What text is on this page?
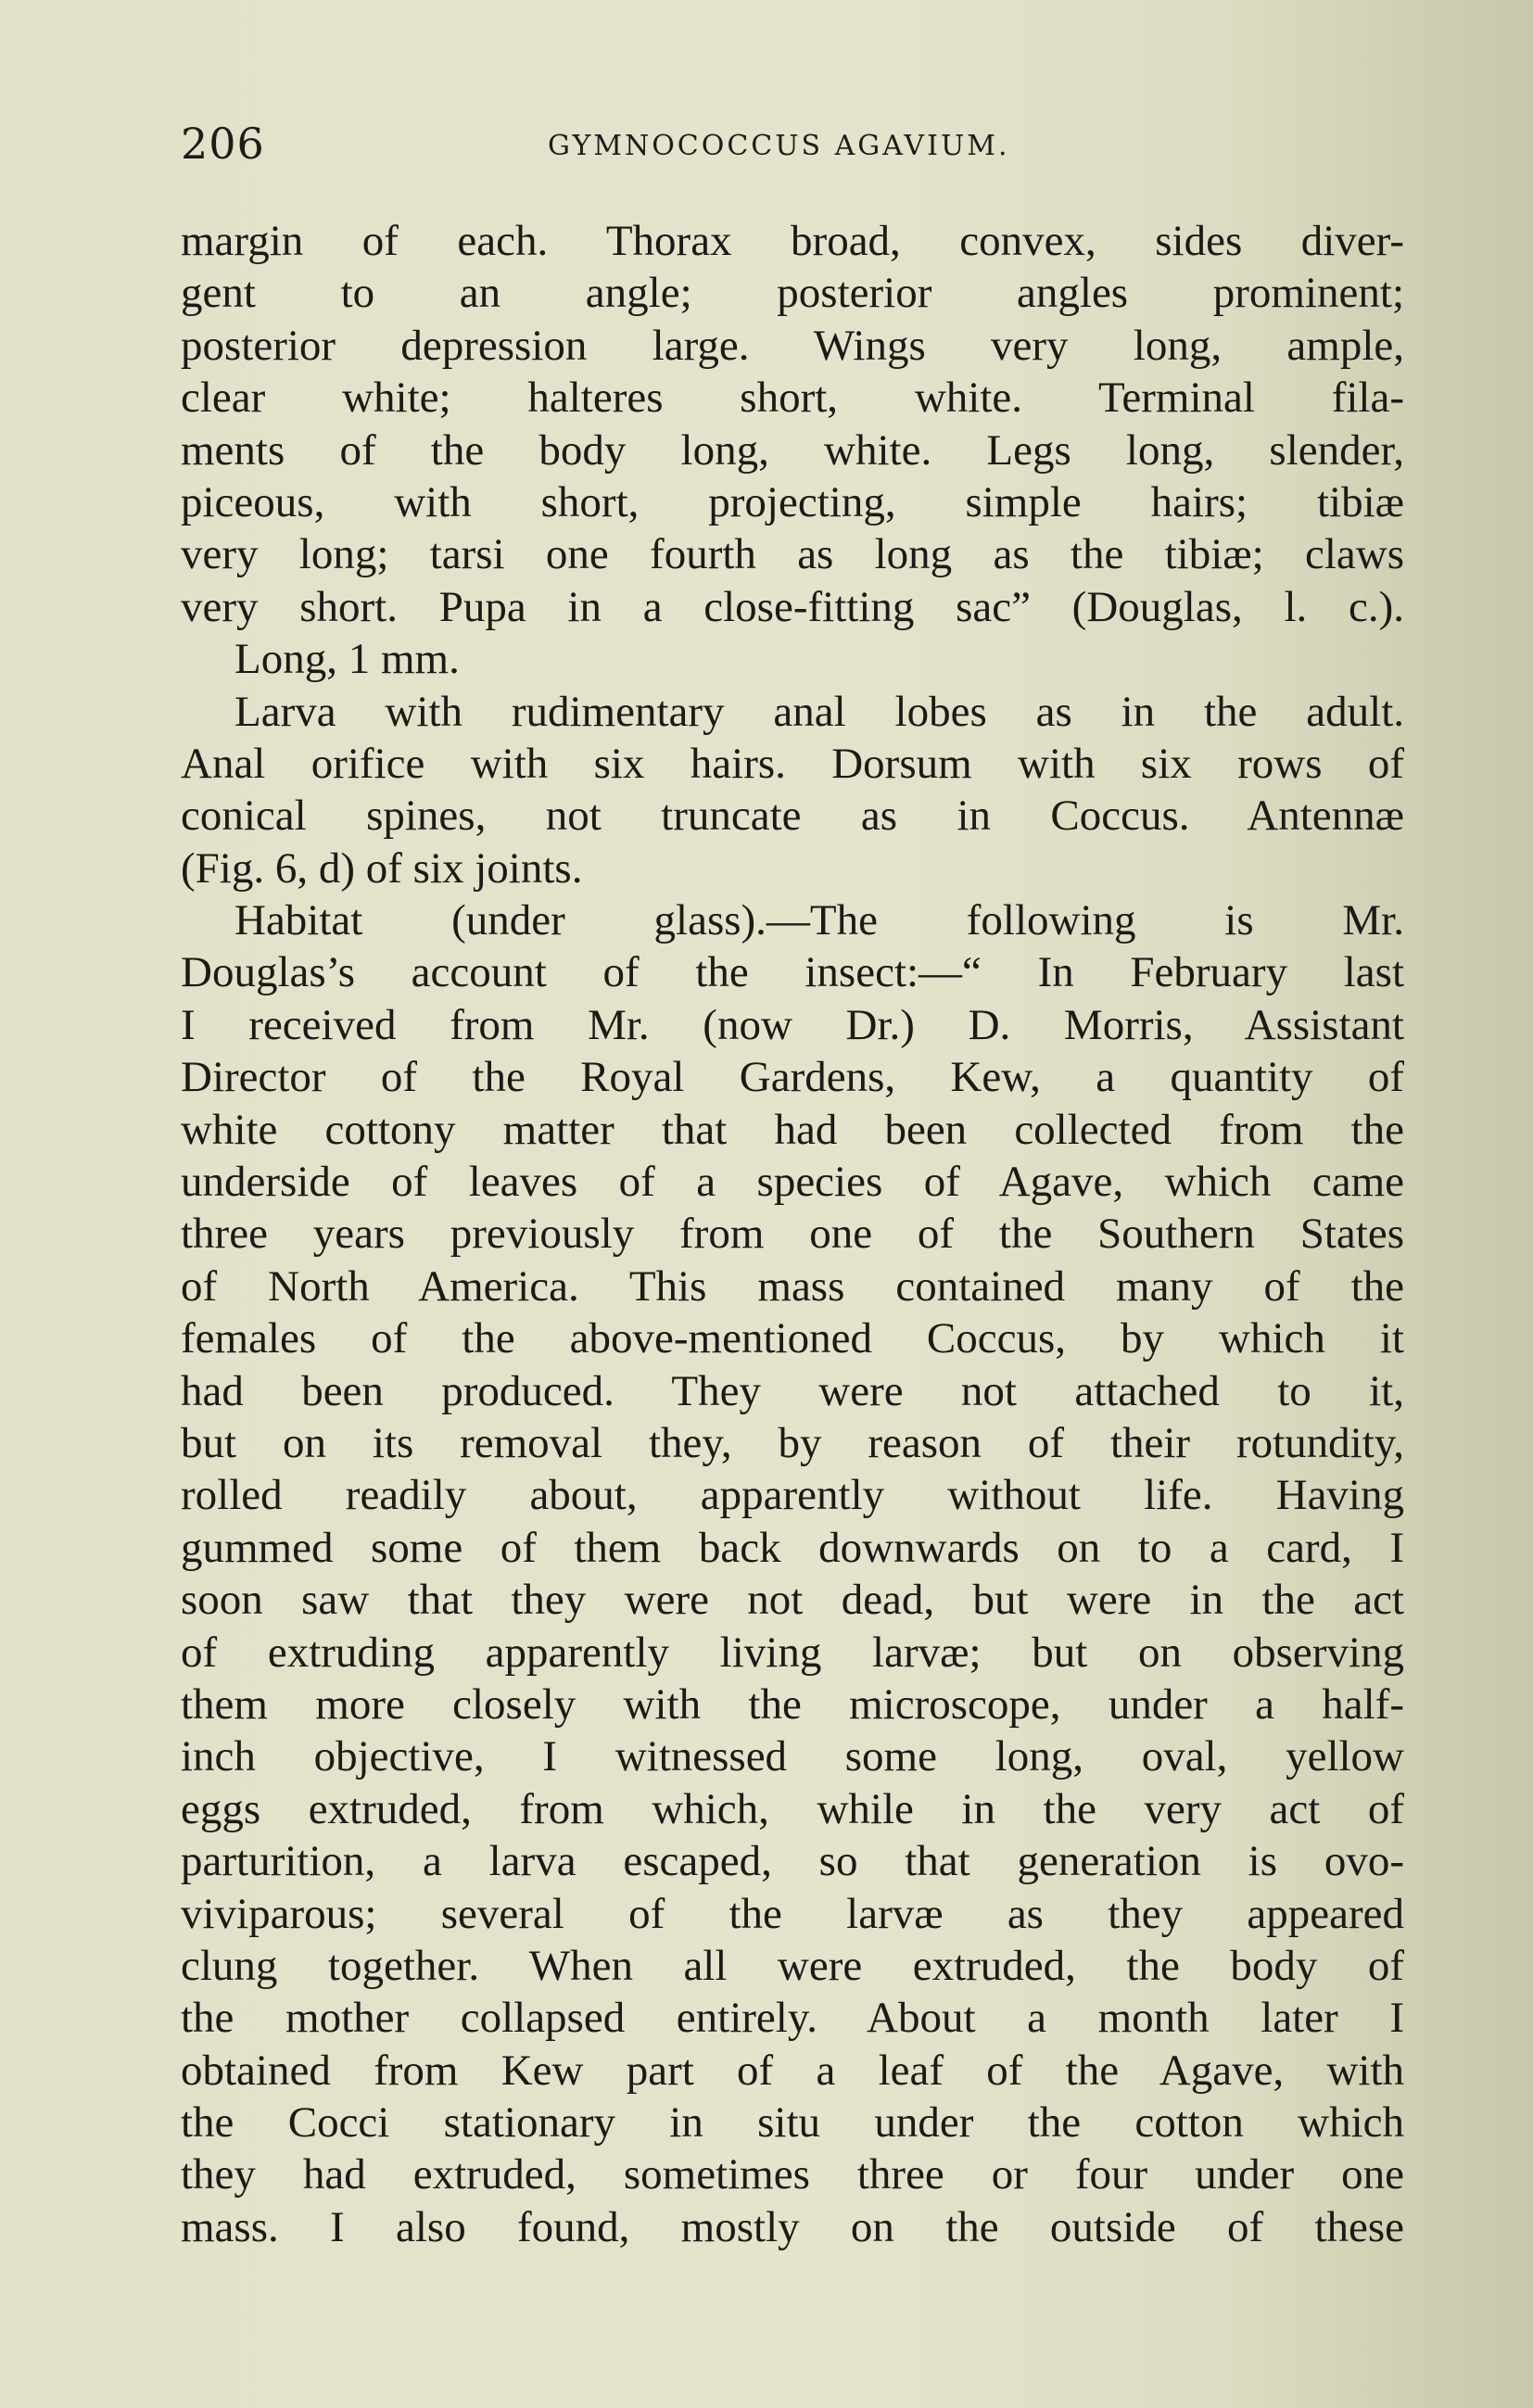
206	GYMNOCOCCUS AGAVIUM.
margin of each. Thorax broad, convex, sides diver-
gent to an angle; posterior angles prominent;
posterior depression large. Wings very long, ample,
clear white; halteres short, white. Terminal fila-
ments of the body long, white. Legs long, slender,
piceous, with short, projecting, simple hairs; tibiæ
very long; tarsi one fourth as long as the tibiæ; claws
very short. Pupa in a close-fitting sac” (Douglas, l. c.).
Long, 1 mm.
Larva with rudimentary anal lobes as in the adult.
Anal orifice with six hairs. Dorsum with six rows of
conical spines, not truncate as in Coccus. Antennæ
(Fig. 6, d) of six joints.
Habitat (under glass).—The following is Mr.
Douglas’s account of the insect:—“ In February last
I received from Mr. (now Dr.) D. Morris, Assistant
Director of the Royal Gardens, Kew, a quantity of
white cottony matter that had been collected from the
underside of leaves of a species of Agave, which came
three years previously from one of the Southern States
of North America. This mass contained many of the
females of the above-mentioned Coccus, by which it
had been produced. They were not attached to it,
but on its removal they, by reason of their rotundity,
rolled readily about, apparently without life. Having
gummed some of them back downwards on to a card, I
soon saw that they were not dead, but were in the act
of extruding apparently living larvæ; but on observing
them more closely with the microscope, under a half-
inch objective, I witnessed some long, oval, yellow
eggs extruded, from which, while in the very act of
parturition, a larva escaped, so that generation is ovo-
viviparous; several of the larvæ as they appeared
clung together. When all were extruded, the body of
the mother collapsed entirely. About a month later I
obtained from Kew part of a leaf of the Agave, with
the Cocci stationary in situ under the cotton which
they had extruded, sometimes three or four under one
mass. I also found, mostly on the outside of these
